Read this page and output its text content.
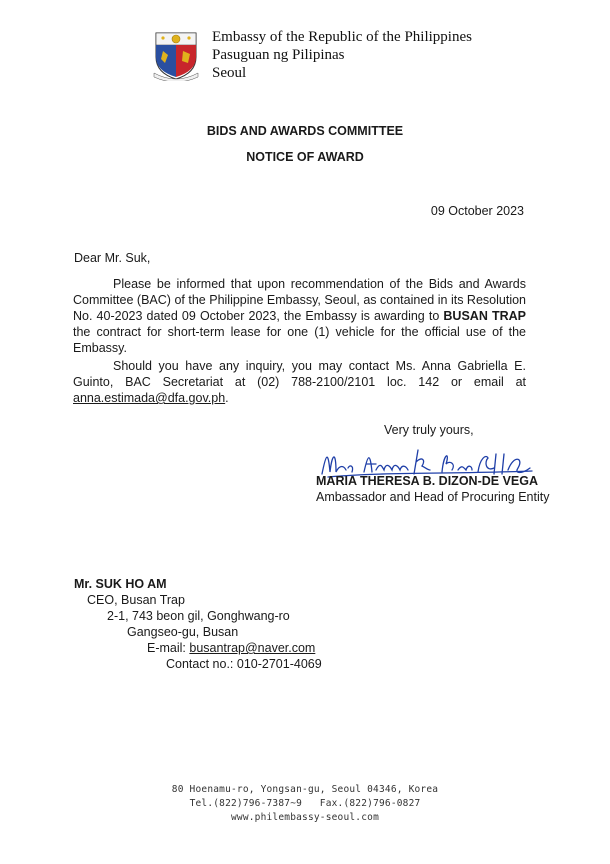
Embassy of the Republic of the Philippines
Pasuguan ng Pilipinas
Seoul
BIDS AND AWARDS COMMITTEE
NOTICE OF AWARD
09 October 2023
Dear Mr. Suk,
Please be informed that upon recommendation of the Bids and Awards Committee (BAC) of the Philippine Embassy, Seoul, as contained in its Resolution No. 40-2023 dated 09 October 2023, the Embassy is awarding to BUSAN TRAP the contract for short-term lease for one (1) vehicle for the official use of the Embassy.
Should you have any inquiry, you may contact Ms. Anna Gabriella E. Guinto, BAC Secretariat at (02) 788-2100/2101 loc. 142 or email at anna.estimada@dfa.gov.ph.
Very truly yours,
MARIA THERESA B. DIZON-DE VEGA
Ambassador and Head of Procuring Entity
Mr. SUK HO AM
CEO, Busan Trap
2-1, 743 beon gil, Gonghwang-ro
Gangseo-gu, Busan
E-mail: busantrap@naver.com
Contact no.: 010-2701-4069
80 Hoenamu-ro, Yongsan-gu, Seoul 04346, Korea
Tel.(822)796-7387~9   Fax.(822)796-0827
www.philembassy-seoul.com
